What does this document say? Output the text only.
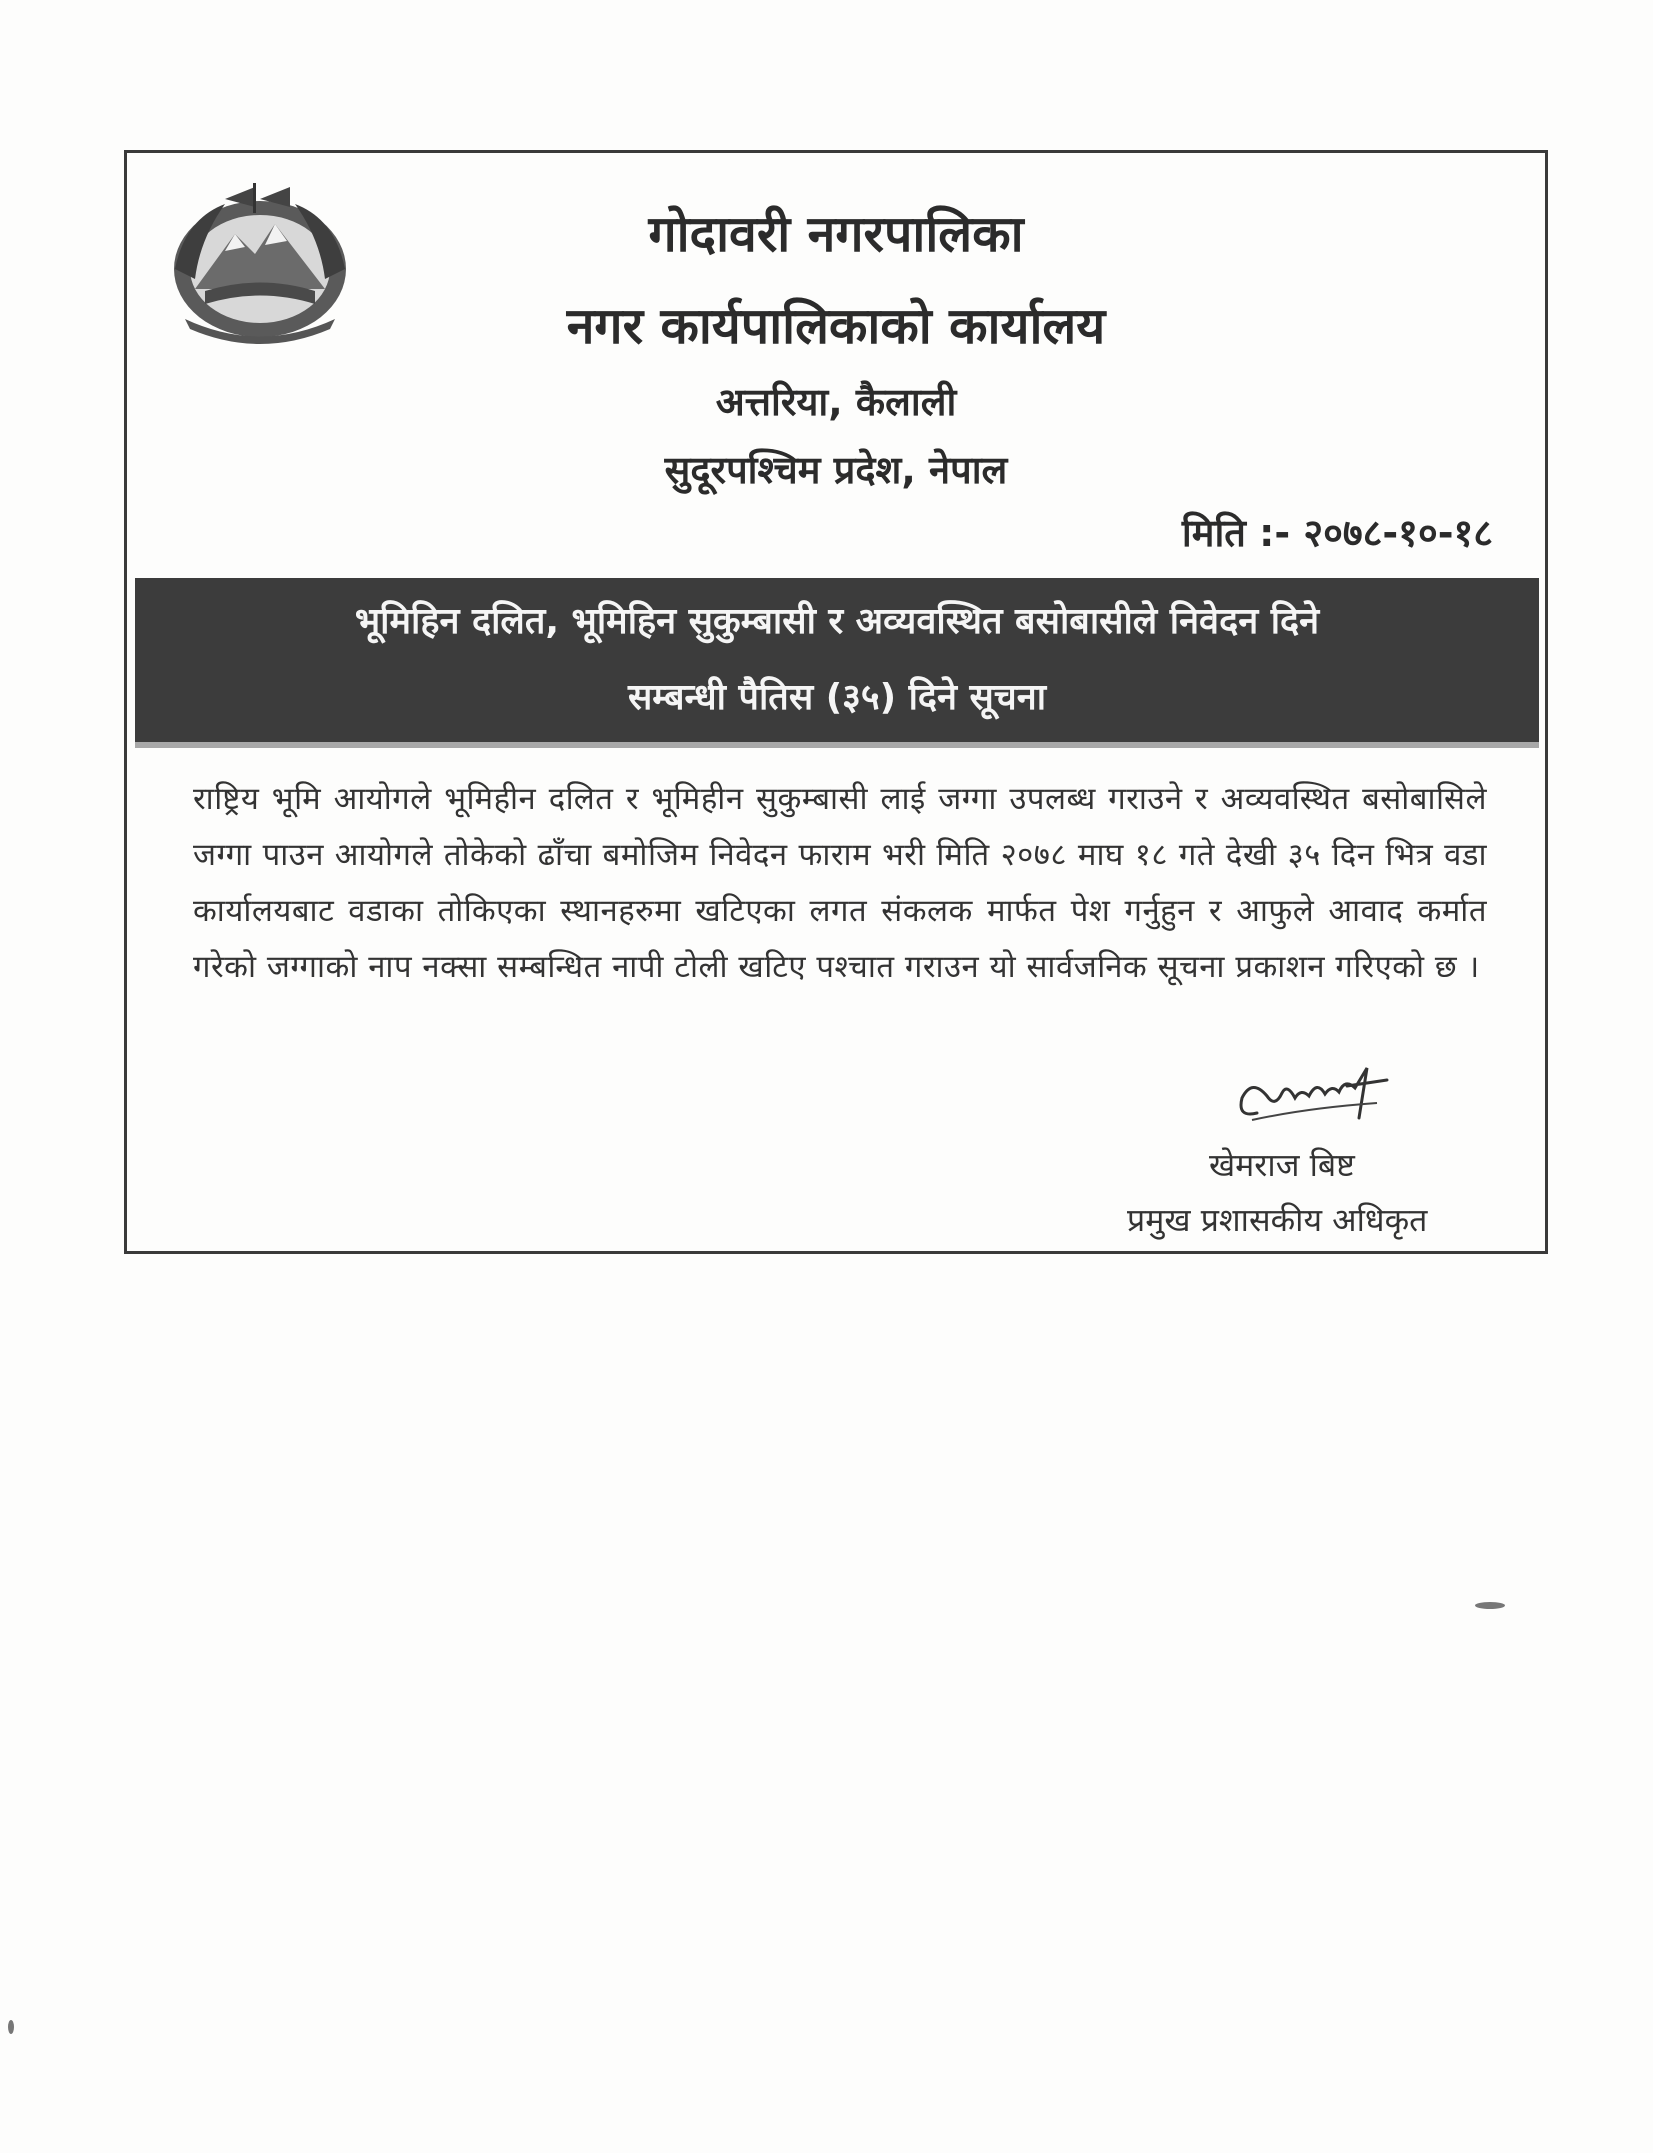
गोदावरी नगरपालिका
नगर कार्यपालिकाको कार्यालय
अत्तरिया, कैलाली
सुदूरपश्चिम प्रदेश, नेपाल
मिति :- २०७८-१०-१८
भूमिहिन दलित, भूमिहिन सुकुम्बासी र अव्यवस्थित बसोबासीले निवेदन दिने
सम्बन्धी पैतिस (३५) दिने सूचना
राष्ट्रिय भूमि आयोगले भूमिहीन दलित र भूमिहीन सुकुम्बासी लाई जग्गा उपलब्ध गराउने र अव्यवस्थित बसोबासिले जग्गा पाउन आयोगले तोकेको ढाँचा बमोजिम निवेदन फाराम भरी मिति २०७८ माघ १८ गते देखी ३५ दिन भित्र वडा कार्यालयबाट वडाका तोकिएका स्थानहरुमा खटिएका लगत संकलक मार्फत पेश गर्नुहुन र आफुले आवाद कर्मात गरेको जग्गाको नाप नक्सा सम्बन्धित नापी टोली खटिए पश्चात गराउन यो सार्वजनिक सूचना प्रकाशन गरिएको छ ।
खेमराज बिष्ट
प्रमुख प्रशासकीय अधिकृत
